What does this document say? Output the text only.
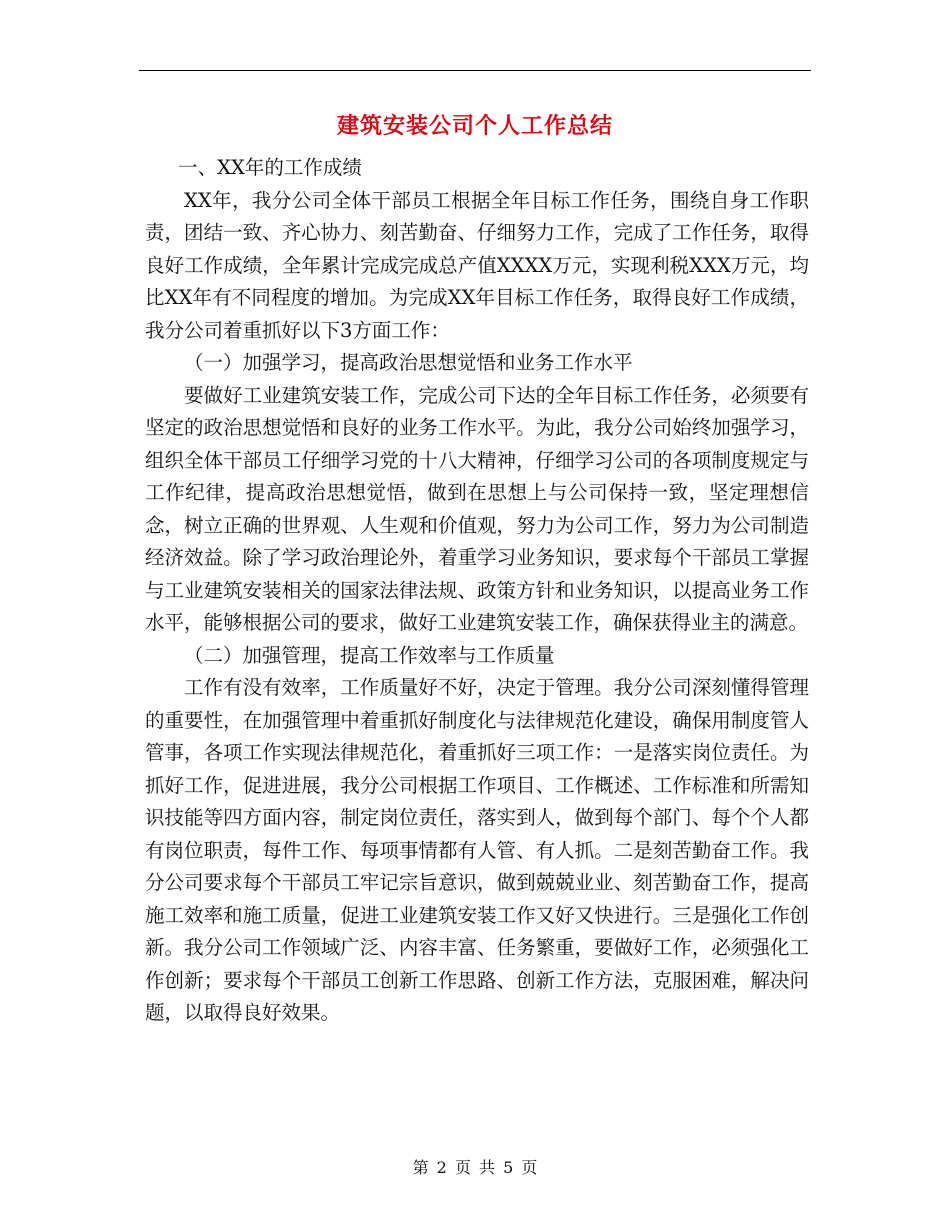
建筑安装公司个人工作总结

一、XX年的工作成绩

XX年，我分公司全体干部员工根据全年目标工作任务，围绕自身工作职责，团结一致、齐心协力、刻苦勤奋、仔细努力工作，完成了工作任务，取得良好工作成绩，全年累计完成完成总产值XXXX万元，实现利税XXX万元，均比XX年有不同程度的增加。为完成XX年目标工作任务，取得良好工作成绩，我分公司着重抓好以下3方面工作：

（一）加强学习，提高政治思想觉悟和业务工作水平

要做好工业建筑安装工作，完成公司下达的全年目标工作任务，必须要有坚定的政治思想觉悟和良好的业务工作水平。为此，我分公司始终加强学习，组织全体干部员工仔细学习党的十八大精神，仔细学习公司的各项制度规定与工作纪律，提高政治思想觉悟，做到在思想上与公司保持一致，坚定理想信念，树立正确的世界观、人生观和价值观，努力为公司工作，努力为公司制造经济效益。除了学习政治理论外，着重学习业务知识，要求每个干部员工掌握与工业建筑安装相关的国家法律法规、政策方针和业务知识，以提高业务工作水平，能够根据公司的要求，做好工业建筑安装工作，确保获得业主的满意。

（二）加强管理，提高工作效率与工作质量

工作有没有效率，工作质量好不好，决定于管理。我分公司深刻懂得管理的重要性，在加强管理中着重抓好制度化与法律规范化建设，确保用制度管人管事，各项工作实现法律规范化，着重抓好三项工作：一是落实岗位责任。为抓好工作，促进进展，我分公司根据工作项目、工作概述、工作标准和所需知识技能等四方面内容，制定岗位责任，落实到人，做到每个部门、每个个人都有岗位职责，每件工作、每项事情都有人管、有人抓。二是刻苦勤奋工作。我分公司要求每个干部员工牢记宗旨意识，做到兢兢业业、刻苦勤奋工作，提高施工效率和施工质量，促进工业建筑安装工作又好又快进行。三是强化工作创新。我分公司工作领域广泛、内容丰富、任务繁重，要做好工作，必须强化工作创新；要求每个干部员工创新工作思路、创新工作方法，克服困难，解决问题，以取得良好效果。

第 2 页 共 5 页
